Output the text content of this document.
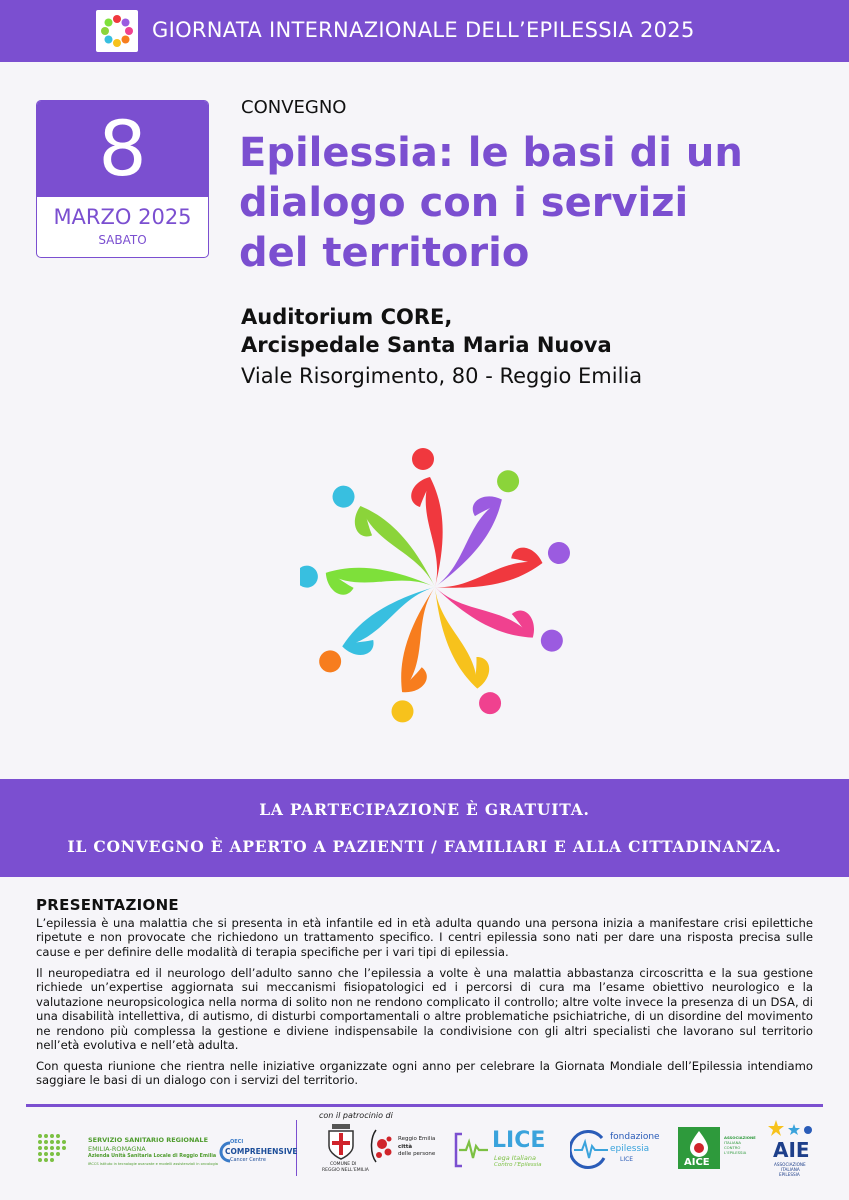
GIORNATA INTERNAZIONALE DELL’EPILESSIA 2025
8
MARZO 2025
SABATO
CONVEGNO
Epilessia: le basi di un
dialogo con i servizi
del territorio
Auditorium CORE,
Arcispedale Santa Maria Nuova
Viale Risorgimento, 80 - Reggio Emilia
LA PARTECIPAZIONE È GRATUITA.
IL CONVEGNO È APERTO A PAZIENTI / FAMILIARI E ALLA CITTADINANZA.
PRESENTAZIONE
L’epilessia è una malattia che si presenta in età infantile ed in età adulta quando una persona inizia a manifestare crisi epilettiche ripetute e non provocate che richiedono un trattamento specifico. I centri epilessia sono nati per dare una risposta precisa sulle cause e per definire delle modalità di terapia specifiche per i vari tipi di epilessia.
Il neuropediatra ed il neurologo dell’adulto sanno che l’epilessia a volte è una malattia abbastanza circoscritta e la sua gestione richiede un’expertise aggiornata sui meccanismi fisiopatologici ed i percorsi di cura ma l’esame obiettivo neurologico e la valutazione neuropsicologica nella norma di solito non ne rendono complicato il controllo; altre volte invece la presenza di un DSA, di una disabilità intellettiva, di autismo, di disturbi comportamentali o altre problematiche psichiatriche, di un disordine del movimento ne rendono più complessa la gestione e diviene indispensabile la condivisione con gli altri specialisti che lavorano sul territorio nell’età evolutiva e nell’età adulta.
Con questa riunione che rientra nelle iniziative organizzate ogni anno per celebrare la Giornata Mondiale dell’Epilessia intendiamo saggiare le basi di un dialogo con i servizi del territorio.
con il patrocinio di
SERVIZIO SANITARIO REGIONALE
EMILIA-ROMAGNA
Azienda Unità Sanitaria Locale di Reggio Emilia
IRCCS Istituto in tecnologie avanzate e modelli assistenziali in oncologia
OECI
COMPREHENSIVE
Cancer Centre
COMUNE DI
REGGIO NELL’EMILIA
Reggio Emilia
città
delle persone
LICE
Lega Italiana
Contro l’Epilessia
fondazione
epilessia
LICE	AICE
ASSOCIAZIONE
ITALIANA
CONTRO
L’EPILESSIA AIE
ASSOCIAZIONE
ITALIANA
EPILESSIA
